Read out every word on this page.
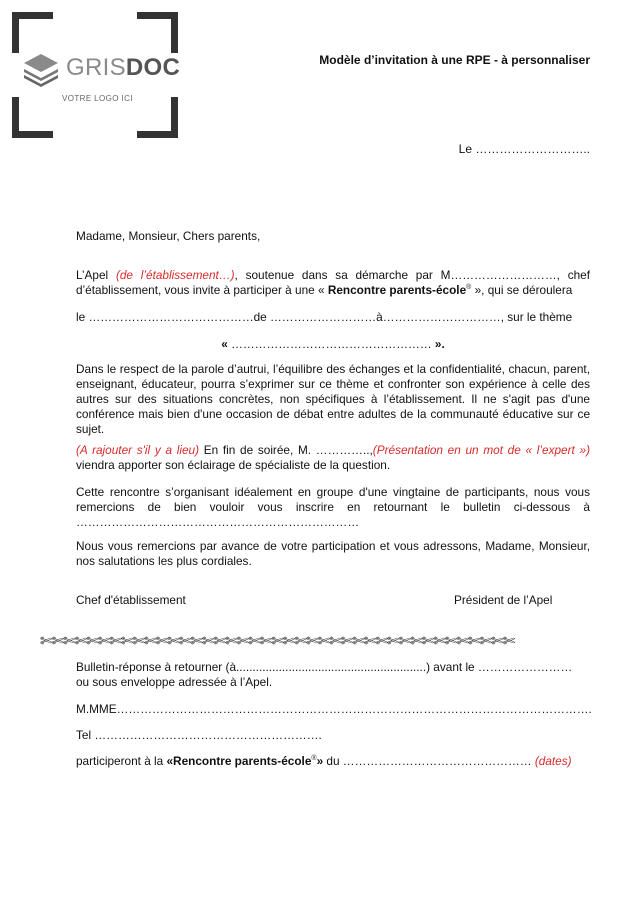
GRISDOC
VOTRE LOGO ICI
Modèle d’invitation à une RPE - à personnaliser
Le ………………………..

Madame, Monsieur, Chers parents,

L’Apel (de l’établissement…), soutenue dans sa démarche par M………………………, chef d’établissement, vous invite à participer à une « Rencontre parents-école® », qui se déroulera

le ……………………………………de ………………………à…………………………, sur le thème

« …………………………………………… ».

Dans le respect de la parole d’autrui, l’équilibre des échanges et la confidentialité, chacun, parent, enseignant, éducateur, pourra s’exprimer sur ce thème et confronter son expérience à celle des autres sur des situations concrètes, non spécifiques à l’établissement. Il ne s'agit pas d'une conférence mais bien d'une occasion de débat entre adultes de la communauté éducative sur ce sujet.

(A rajouter s'il y a lieu) En fin de soirée, M. …………..,(Présentation en un mot de « l’expert ») viendra apporter son éclairage de spécialiste de la question.

Cette rencontre s’organisant idéalement en groupe d'une vingtaine de participants, nous vous remercions de bien vouloir vous inscrire en retournant le bulletin ci-dessous à ………………………………………………………………

Nous vous remercions par avance de votre participation et vous adressons, Madame, Monsieur, nos salutations les plus cordiales.

Chef d'établissement	Président de l’Apel
✄✄✄✄✄✄✄✄✄✄✄✄✄✄✄✄✄✄✄✄✄✄✄✄✄✄✄✄✄✄✄✄✄✄✄✄✄✄✄✄✄

Bulletin-réponse à retourner (à..........................................................) avant le ……………………

ou sous enveloppe adressée à l’Apel.

M.MME………………………………………………………………………………………………………….

Tel ………………………………………………….

participeront à la «Rencontre parents-école®» du ………………………………………… (dates)
